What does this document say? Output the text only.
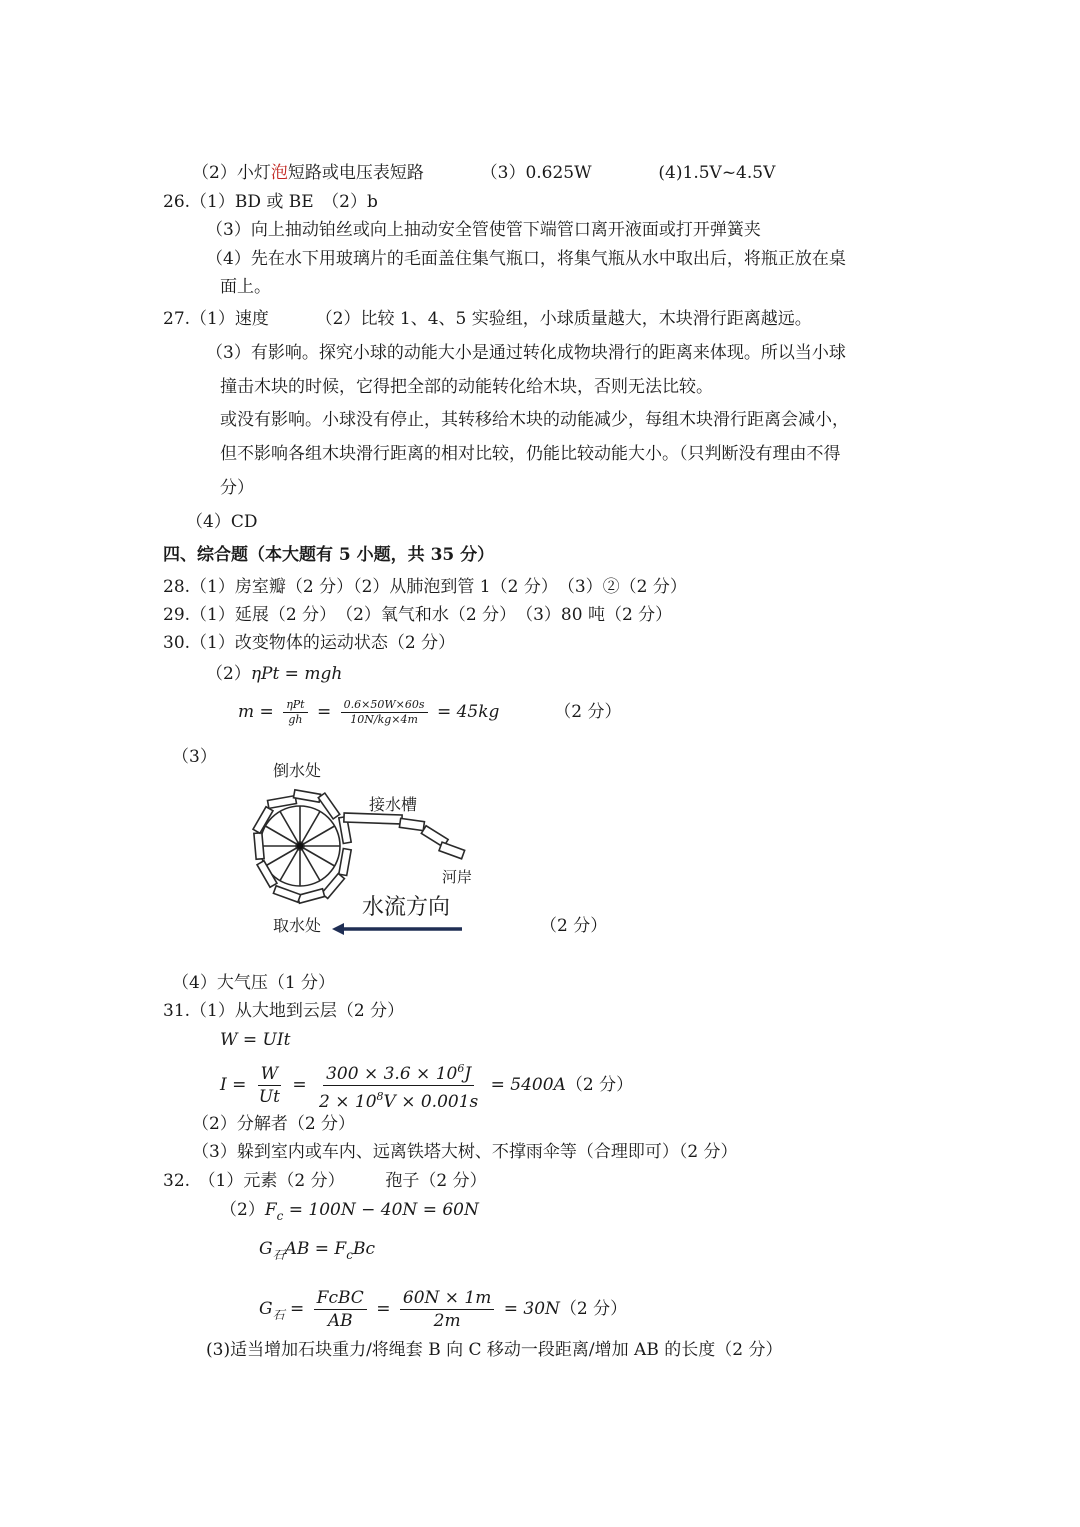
（2）小灯泡短路或电压表短路	（3）0.625W	(4)1.5V~4.5V
26.（1）BD 或 BE　（2）b
（3）向上抽动铂丝或向上抽动安全管使管下端管口离开液面或打开弹簧夹
（4）先在水下用玻璃片的毛面盖住集气瓶口，将集气瓶从水中取出后，将瓶正放在桌
面上。
27.（1）速度	（2）比较 1、4、5 实验组，小球质量越大，木块滑行距离越远。
（3）有影响。探究小球的动能大小是通过转化成物块滑行的距离来体现。所以当小球
撞击木块的时候，它得把全部的动能转化给木块，否则无法比较。
或没有影响。小球没有停止，其转移给木块的动能减少，每组木块滑行距离会减小，
但不影响各组木块滑行距离的相对比较，仍能比较动能大小。（只判断没有理由不得
分）
（4）CD
四、综合题（本大题有 5 小题，共 35 分）
28.（1）房室瓣（2 分）（2）从肺泡到管 1（2 分）　（3）②（2 分）
29.（1）延展（2 分）　（2）氧气和水（2 分）　（3）80 吨（2 分）
30.（1）改变物体的运动状态（2 分）
（2）ηPt = mgℎ
$m = \frac{\text{ηPt}}{\text{gℎ}} = \frac{0.6\times 50W\times 60s}{10N/kg\times 4m} = 45kg$	（2 分）
（3）
倒水处
接水槽
河岸
水流方向
取水处	（2 分）
（4）大气压（1 分）
31.（1）从大地到云层（2 分）
W = UIt
$I = \frac{W}{Ut} = \frac{300 \times 3.6 \times 10^6J}{2 \times 10^8V \times 0.001s} = 5400A(2$ 分）
（2）分解者（2 分）
（3）躲到室内或车内、远离铁塔大树、不撑雨伞等（合理即可）（2 分）
32.　（1）元素（2 分） 孢子（2 分）
$(2)F_c = 100N - 40N = 60N$
$G_石AB = F_cBc$
$G_石 = \frac{\text{FcBC}}{AB} = \frac{60N \times 1m}{2m} = 30N(2$ 分）
(3)适当增加石块重力/将绳套 B 向 C 移动一段距离/增加 AB 的长度（2 分）
